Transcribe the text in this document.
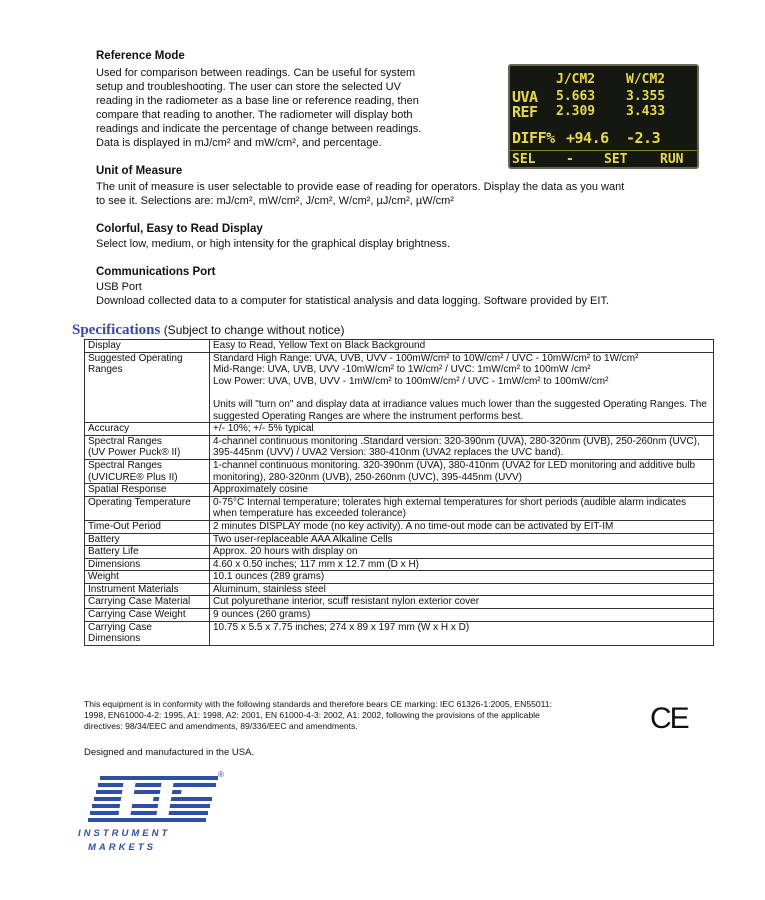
Reference Mode
Used for comparison between readings. Can be useful for system
setup and troubleshooting. The user can store the selected UV
reading in the radiometer as a base line or reference reading, then
compare that reading to another. The radiometer will display both
readings and indicate the percentage of change between readings.
Data is displayed in mJ/cm² and mW/cm², and percentage.
J/CM2 W/CM2
UVA 5.663 3.355
REF 2.309 3.433
DIFF% +94.6 -2.3
SEL - SET	RUN
Unit of Measure
The unit of measure is user selectable to provide ease of reading for operators. Display the data as you want
to see it. Selections are: mJ/cm², mW/cm², J/cm², W/cm², µJ/cm², µW/cm²
Colorful, Easy to Read Display
Select low, medium, or high intensity for the graphical display brightness.
Communications Port
USB Port
Download collected data to a computer for statistical analysis and data logging. Software provided by EIT.
Specifications (Subject to change without notice)
Display	Easy to Read, Yellow Text on Black Background
Suggested Operating Ranges	Standard High Range: UVA, UVB, UVV - 100mW/cm² to 10W/cm² / UVC - 10mW/cm² to 1W/cm²
Mid-Range: UVA, UVB, UVV -10mW/cm² to 1W/cm² / UVC: 1mW/cm² to 100mW /cm²
Low Power: UVA, UVB, UVV - 1mW/cm² to 100mW/cm² / UVC - 1mW/cm² to 100mW/cm²

Units will "turn on" and display data at irradiance values much lower than the suggested Operating Ranges. The suggested Operating Ranges are where the instrument performs best.
Accuracy	+/- 10%; +/- 5% typical
Spectral Ranges
(UV Power Puck® II)	4-channel continuous monitoring .Standard version: 320-390nm (UVA), 280-320nm (UVB), 250-260nm (UVC), 395-445nm (UVV) / UVA2 Version: 380-410nm (UVA2 replaces the UVC band).
Spectral Ranges
(UVICURE® Plus II)	1-channel continuous monitoring. 320-390nm (UVA), 380-410nm (UVA2 for LED monitoring and additive bulb monitoring), 280-320nm (UVB), 250-260nm (UVC), 395-445nm (UVV)
Spatial Response	Approximately cosine
Operating Temperature	0-75°C Internal temperature; tolerates high external temperatures for short periods (audible alarm indicates when temperature has exceeded tolerance)
Time-Out Period	2 minutes DISPLAY mode (no key activity). A no time-out mode can be activated by EIT-IM
Battery	Two user-replaceable AAA Alkaline Cells
Battery Life	Approx. 20 hours with display on
Dimensions	4.60 x 0.50 inches; 117 mm x 12.7 mm (D x H)
Weight	10.1 ounces (289 grams)
Instrument Materials	Aluminum, stainless steel
Carrying Case Material	Cut polyurethane interior, scuff resistant nylon exterior cover
Carrying Case Weight	9 ounces (260 grams)
Carrying Case Dimensions	10.75 x 5.5 x 7.75 inches; 274 x 89 x 197 mm (W x H x D)
This equipment is in conformity with the following standards and therefore bears CE marking: IEC 61326-1:2005, EN55011:
1998, EN61000-4-2: 1995, A1: 1998, A2: 2001, EN 61000-4-3: 2002, A1: 2002, following the provisions of the applicable
directives: 98/34/EEC and amendments, 89/336/EEC and amendments.	CE
Designed and manufactured in the USA.
®
INSTRUMENT
MARKETS
